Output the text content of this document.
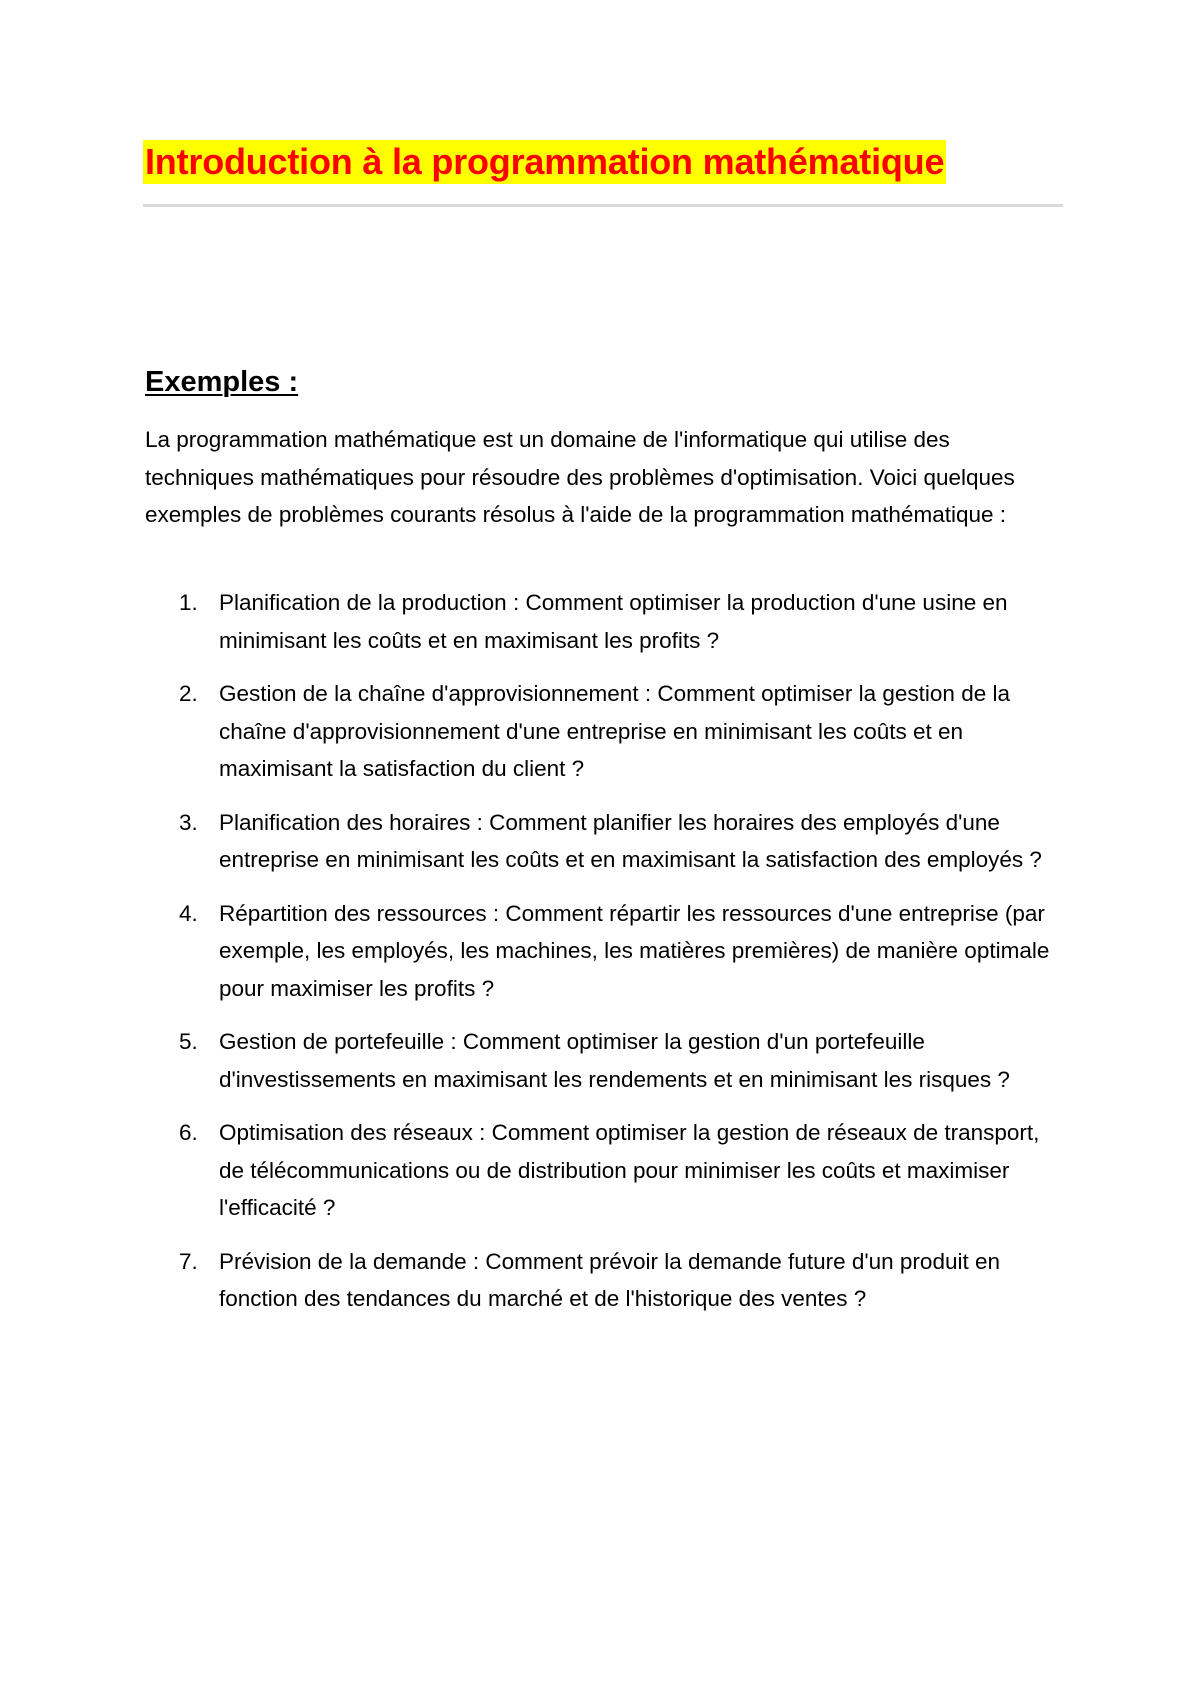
Introduction à la programmation mathématique
Exemples :

La programmation mathématique est un domaine de l'informatique qui utilise des techniques mathématiques pour résoudre des problèmes d'optimisation. Voici quelques exemples de problèmes courants résolus à l'aide de la programmation mathématique :

1. Planification de la production : Comment optimiser la production d'une usine en minimisant les coûts et en maximisant les profits ?
2. Gestion de la chaîne d'approvisionnement : Comment optimiser la gestion de la chaîne d'approvisionnement d'une entreprise en minimisant les coûts et en maximisant la satisfaction du client ?
3. Planification des horaires : Comment planifier les horaires des employés d'une entreprise en minimisant les coûts et en maximisant la satisfaction des employés ?
4. Répartition des ressources : Comment répartir les ressources d'une entreprise (par exemple, les employés, les machines, les matières premières) de manière optimale pour maximiser les profits ?
5. Gestion de portefeuille : Comment optimiser la gestion d'un portefeuille d'investissements en maximisant les rendements et en minimisant les risques ?
6. Optimisation des réseaux : Comment optimiser la gestion de réseaux de transport, de télécommunications ou de distribution pour minimiser les coûts et maximiser l'efficacité ?
7. Prévision de la demande : Comment prévoir la demande future d'un produit en fonction des tendances du marché et de l'historique des ventes ?
